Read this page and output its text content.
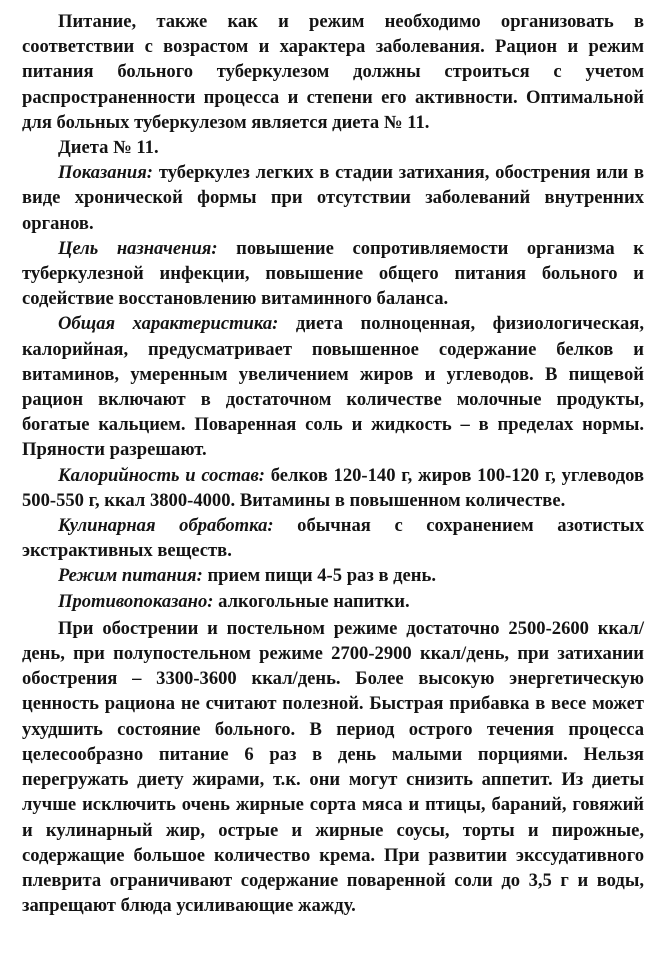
Питание, также как и режим необходимо организовать в соответствии с возрастом и характера заболевания. Рацион и режим питания больного туберкулезом должны строиться с учетом распространенности процесса и степени его активности. Оптимальной для больных туберкулезом является диета № 11.

Диета № 11.

Показания: туберкулез легких в стадии затихания, обострения или в виде хронической формы при отсутствии заболеваний внутренних органов.

Цель назначения: повышение сопротивляемости организма к туберкулезной инфекции, повышение общего питания больного и содействие восстановлению витаминного баланса.

Общая характеристика: диета полноценная, физиологическая, калорийная, предусматривает повышенное содержание белков и витаминов, умеренным увеличением жиров и углеводов. В пищевой рацион включают в достаточном количестве молочные продукты, богатые кальцием. Поваренная соль и жидкость – в пределах нормы. Пряности разрешают.

Калорийность и состав: белков 120-140 г, жиров 100-120 г, углеводов 500-550 г, ккал 3800-4000. Витамины в повышенном количестве.

Кулинарная обработка: обычная с сохранением азотистых экстрактивных веществ.

Режим питания: прием пищи 4-5 раз в день.

Противопоказано: алкогольные напитки.

При обострении и постельном режиме достаточно 2500-2600 ккал/день, при полупостельном режиме 2700-2900 ккал/день, при затихании обострения – 3300-3600 ккал/день. Более высокую энергетическую ценность рациона не считают полезной. Быстрая прибавка в весе может ухудшить состояние больного. В период острого течения процесса целесообразно питание 6 раз в день малыми порциями. Нельзя перегружать диету жирами, т.к. они могут снизить аппетит. Из диеты лучше исключить очень жирные сорта мяса и птицы, бараний, говяжий и кулинарный жир, острые и жирные соусы, торты и пирожные, содержащие большое количество крема. При развитии экссудативного плеврита ограничивают содержание поваренной соли до 3,5 г и воды, запрещают блюда усиливающие жажду.
